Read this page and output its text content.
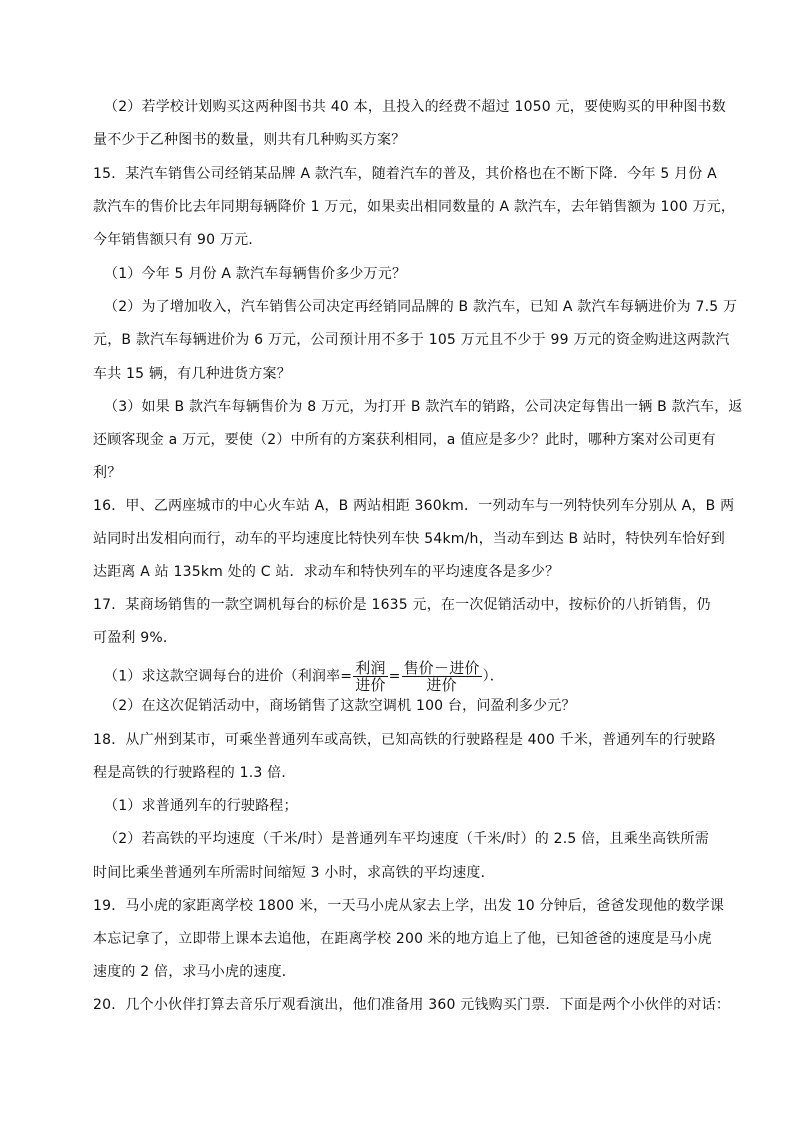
（2）若学校计划购买这两种图书共 40 本，且投入的经费不超过 1050 元，要使购买的甲种图书数
量不少于乙种图书的数量，则共有几种购买方案？
15．某汽车销售公司经销某品牌 A 款汽车，随着汽车的普及，其价格也在不断下降．今年 5 月份 A
款汽车的售价比去年同期每辆降价 1 万元，如果卖出相同数量的 A 款汽车，去年销售额为 100 万元，
今年销售额只有 90 万元．
（1）今年 5 月份 A 款汽车每辆售价多少万元？
（2）为了增加收入，汽车销售公司决定再经销同品牌的 B 款汽车，已知 A 款汽车每辆进价为 7.5 万
元，B 款汽车每辆进价为 6 万元，公司预计用不多于 105 万元且不少于 99 万元的资金购进这两款汽
车共 15 辆，有几种进货方案？
（3）如果 B 款汽车每辆售价为 8 万元，为打开 B 款汽车的销路，公司决定每售出一辆 B 款汽车，返
还顾客现金 a 万元，要使（2）中所有的方案获利相同，a 值应是多少？此时，哪种方案对公司更有
利？
16．甲、乙两座城市的中心火车站 A，B 两站相距 360km．一列动车与一列特快列车分别从 A，B 两
站同时出发相向而行，动车的平均速度比特快列车快 54km/h，当动车到达 B 站时，特快列车恰好到
达距离 A 站 135km 处的 C 站．求动车和特快列车的平均速度各是多少？
17．某商场销售的一款空调机每台的标价是 1635 元，在一次促销活动中，按标价的八折销售，仍
可盈利 9%．
（1）求这款空调每台的进价（利润率= $\frac{\text{利润}}{\text{进价}} = \frac{\text{售价－进价}}{\text{进价}}$ ）．
（2）在这次促销活动中，商场销售了这款空调机 100 台，问盈利多少元？
18．从广州到某市，可乘坐普通列车或高铁，已知高铁的行驶路程是 400 千米，普通列车的行驶路
程是高铁的行驶路程的 1.3 倍．
（1）求普通列车的行驶路程；
（2）若高铁的平均速度（千米/时）是普通列车平均速度（千米/时）的 2.5 倍，且乘坐高铁所需
时间比乘坐普通列车所需时间缩短 3 小时，求高铁的平均速度．
19．马小虎的家距离学校 1800 米，一天马小虎从家去上学，出发 10 分钟后，爸爸发现他的数学课
本忘记拿了，立即带上课本去追他，在距离学校 200 米的地方追上了他，已知爸爸的速度是马小虎
速度的 2 倍，求马小虎的速度．
20．几个小伙伴打算去音乐厅观看演出，他们准备用 360 元钱购买门票．下面是两个小伙伴的对话：
